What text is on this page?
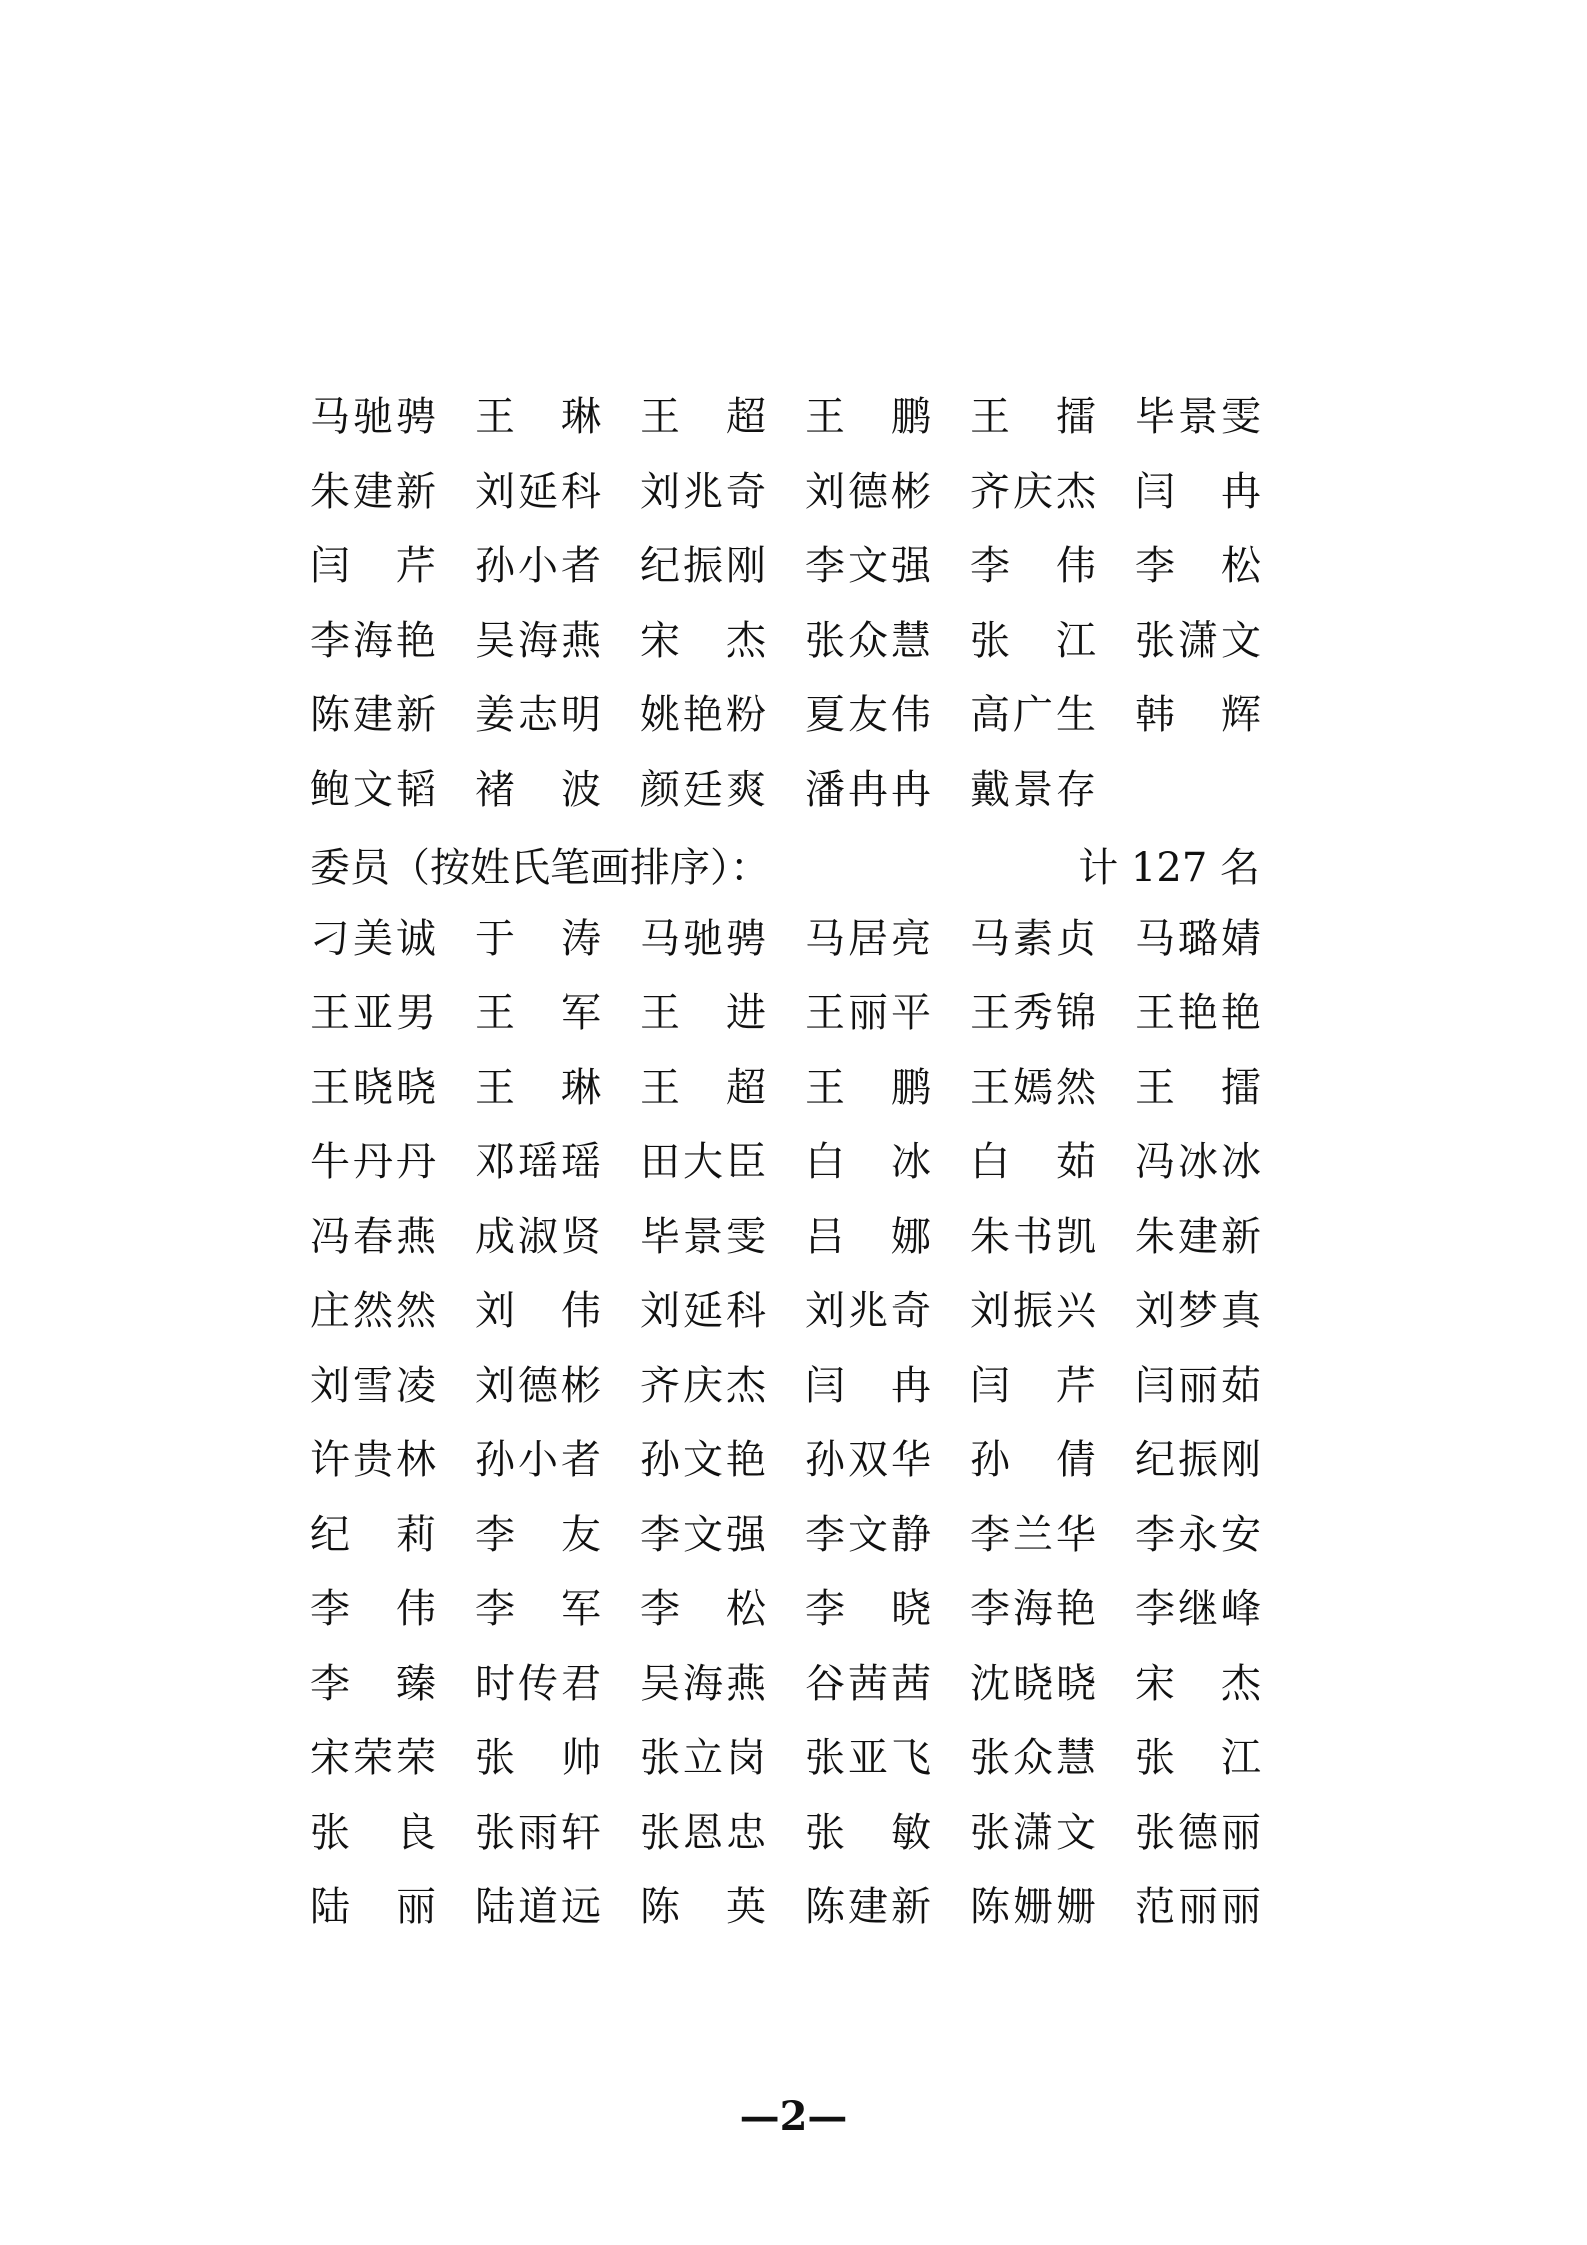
马 驰 骋 王 琳 王 超 王 鹏 王 擂 毕 景 雯
朱 建 新 刘 延 科 刘 兆 奇 刘 德 彬 齐 庆 杰 闫 冉
闫 芹 孙 小 者 纪 振 刚 李 文 强 李 伟 李 松
李 海 艳 吴 海 燕 宋 杰 张 众 慧 张 江 张 潇 文
陈 建 新 姜 志 明 姚 艳 粉 夏 友 伟 高 广 生 韩 辉
鲍 文 韬 褚 波 颜 廷 爽 潘 冉 冉 戴 景 存
委员（按姓氏笔画排序）：	计 127 名
刁 美 诚 于 涛 马 驰 骋 马 居 亮 马 素 贞 马 璐 婧
王 亚 男 王 军 王 进 王 丽 平 王 秀 锦 王 艳 艳
王 晓 晓 王 琳 王 超 王 鹏 王 嫣 然 王 擂
牛 丹 丹 邓 瑶 瑶 田 大 臣 白 冰 白 茹 冯 冰 冰
冯 春 燕 成 淑 贤 毕 景 雯 吕 娜 朱 书 凯 朱 建 新
庄 然 然 刘 伟 刘 延 科 刘 兆 奇 刘 振 兴 刘 梦 真
刘 雪 凌 刘 德 彬 齐 庆 杰 闫 冉 闫 芹 闫 丽 茹
许 贵 林 孙 小 者 孙 文 艳 孙 双 华 孙 倩 纪 振 刚
纪 莉 李 友 李 文 强 李 文 静 李 兰 华 李 永 安
李 伟 李 军 李 松 李 晓 李 海 艳 李 继 峰
李 臻 时 传 君 吴 海 燕 谷 茜 茜 沈 晓 晓 宋 杰
宋 荣 荣 张 帅 张 立 岗 张 亚 飞 张 众 慧 张 江
张 良 张 雨 轩 张 恩 忠 张 敏 张 潇 文 张 德 丽
陆 丽 陆 道 远 陈 英 陈 建 新 陈 姗 姗 范 丽 丽
—2—
